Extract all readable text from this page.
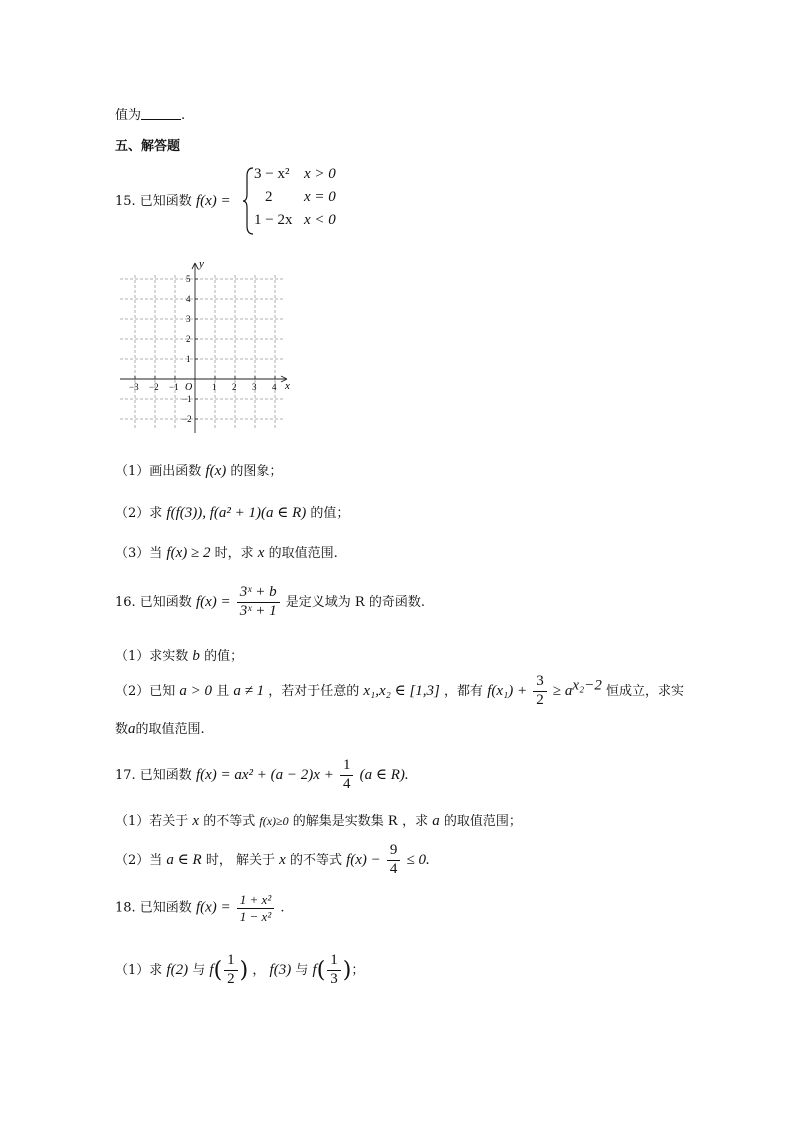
值为	.
五、解答题
15. 已知函数 f(x) =
3 − x² x > 0
2 x = 0
1 − 2x x < 0
y
x
O
−3 −2 −1	1 2 3 4
5
4
3
2
1
−1
−2
（1）画出函数 f(x) 的图象；
（2）求 f(f(3)), f(a² + 1)(a ∈ R) 的值；
（3）当 f(x) ≥ 2 时，求 x 的取值范围.
16. 已知函数 $f(x) = \frac{\text{3ˣ + b}}{\text{3ˣ + 1}}$ 是定义域为 R 的奇函数.
（1）求实数 b 的值；
（2）已知 a > 0 且 a ≠ 1 ，若对于任意的 x₁,x₂ ∈ [1,3] ，都有 $f(x_1) + \frac{3}{2} \ge a^{x_2-2}$ 恒成立，求实
数a的取值范围.
17. 已知函数 $f(x) = ax^2 + (a - 2)x + \frac{1}{4} (a$ ∈ R).
（1）若关于 x 的不等式 f(x)≥0 的解集是实数集 R ，求 a 的取值范围；
（2）当 a ∈ R 时， 解关于 x 的不等式 $f(x) - \frac{9}{4} \le 0$.
18. 已知函数 $f(x) = \frac{\text{1 + x²}}{\text{1 − x²}}$ .
（1）求 f(2) 与 $f( \frac{1}{2}$ ) ， f(3) 与 $f( \frac{1}{3}$ )；
